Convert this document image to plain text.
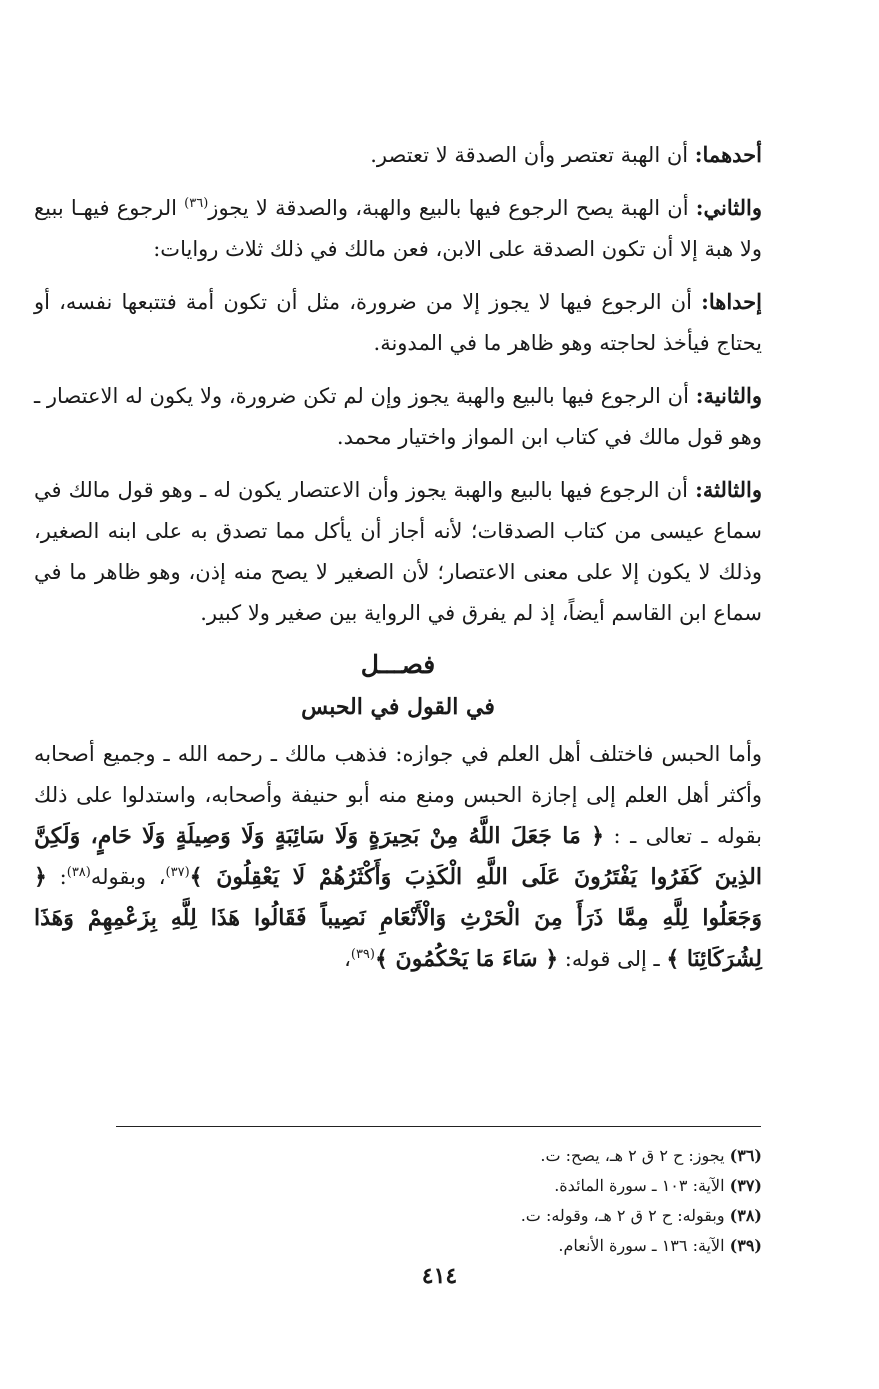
أحدهما: أن الهبة تعتصر وأن الصدقة لا تعتصر.

والثاني: أن الهبة يصح الرجوع فيها بالبيع والهبة، والصدقة لا يجوز$^{(٣٦)}$ الرجوع فيهـا ببيع ولا هبة إلا أن تكون الصدقة على الابن، فعن مالك في ذلك ثلاث روايات:

إحداها: أن الرجوع فيها لا يجوز إلا من ضرورة، مثل أن تكون أمة فتتبعها نفسه، أو يحتاج فيأخذ لحاجته وهو ظاهر ما في المدونة.

والثانية: أن الرجوع فيها بالبيع والهبة يجوز وإن لم تكن ضرورة، ولا يكون له الاعتصار ـ وهو قول مالك في كتاب ابن المواز واختيار محمد.

والثالثة: أن الرجوع فيها بالبيع والهبة يجوز وأن الاعتصار يكون له ـ وهو قول مالك في سماع عيسى من كتاب الصدقات؛ لأنه أجاز أن يأكل مما تصدق به على ابنه الصغير، وذلك لا يكون إلا على معنى الاعتصار؛ لأن الصغير لا يصح منه إذن، وهو ظاهر ما في سماع ابن القاسم أيضاً، إذ لم يفرق في الرواية بين صغير ولا كبير.

فصـــل
في القول في الحبس

وأما الحبس فاختلف أهل العلم في جوازه: فذهب مالك ـ رحمه الله ـ وجميع أصحابه وأكثر أهل العلم إلى إجازة الحبس ومنع منه أبو حنيفة وأصحابه، واستدلوا على ذلك بقوله ـ تعالى ـ : ﴿ مَا جَعَلَ اللَّهُ مِنْ بَحِيرَةٍ وَلَا سَائِبَةٍ وَلَا وَصِيلَةٍ وَلَا حَامٍ، وَلَكِنَّ الذِينَ كَفَرُوا يَفْتَرُونَ عَلَى اللَّهِ الْكَذِبَ وَأَكْثَرُهُمْ لَا يَعْقِلُونَ ﴾$^{(٣٧)}$، وبقوله$^{(٣٨)}$: ﴿ وَجَعَلُوا لِلَّهِ مِمَّا ذَرَأَ مِنَ الْحَرْثِ وَالْأَنْعَامِ نَصِيباً فَقَالُوا هَذَا لِلَّهِ بِزَعْمِهِمْ وَهَذَا لِشُرَكَائِنَا ﴾ ـ إلى قوله: ﴿ سَاءَ مَا يَحْكُمُونَ ﴾$^{(٣٩)}$،

(٣٦) يجوز: ح ٢ ق ٢ هـ، يصح: ت.

(٣٧) الآية: ١٠٣ ـ سورة المائدة.

(٣٨) وبقوله: ح ٢ ق ٢ هـ، وقوله: ت.

(٣٩) الآية: ١٣٦ ـ سورة الأنعام.

٤١٤
